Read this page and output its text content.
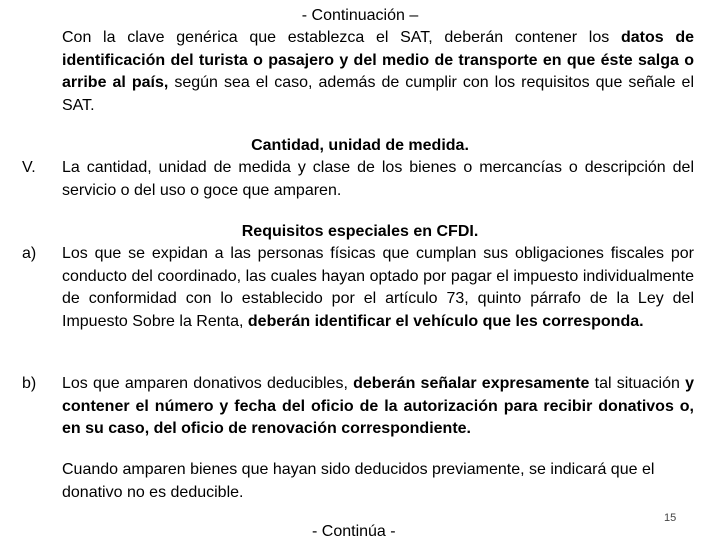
- Continuación –
Con la clave genérica que establezca el SAT, deberán contener los datos de identificación del turista o pasajero y del medio de transporte en que éste salga o arribe al país, según sea el caso, además de cumplir con los requisitos que señale el SAT.
Cantidad, unidad de medida.
V. La cantidad, unidad de medida y clase de los bienes o mercancías o descripción del servicio o del uso o goce que amparen.
Requisitos especiales en CFDI.
a) Los que se expidan a las personas físicas que cumplan sus obligaciones fiscales por conducto del coordinado, las cuales hayan optado por pagar el impuesto individualmente de conformidad con lo establecido por el artículo 73, quinto párrafo de la Ley del Impuesto Sobre la Renta, deberán identificar el vehículo que les corresponda.
b) Los que amparen donativos deducibles, deberán señalar expresamente tal situación y contener el número y fecha del oficio de la autorización para recibir donativos o, en su caso, del oficio de renovación correspondiente.
Cuando amparen bienes que hayan sido deducidos previamente, se indicará que el donativo no es deducible.
15
- Continúa -
